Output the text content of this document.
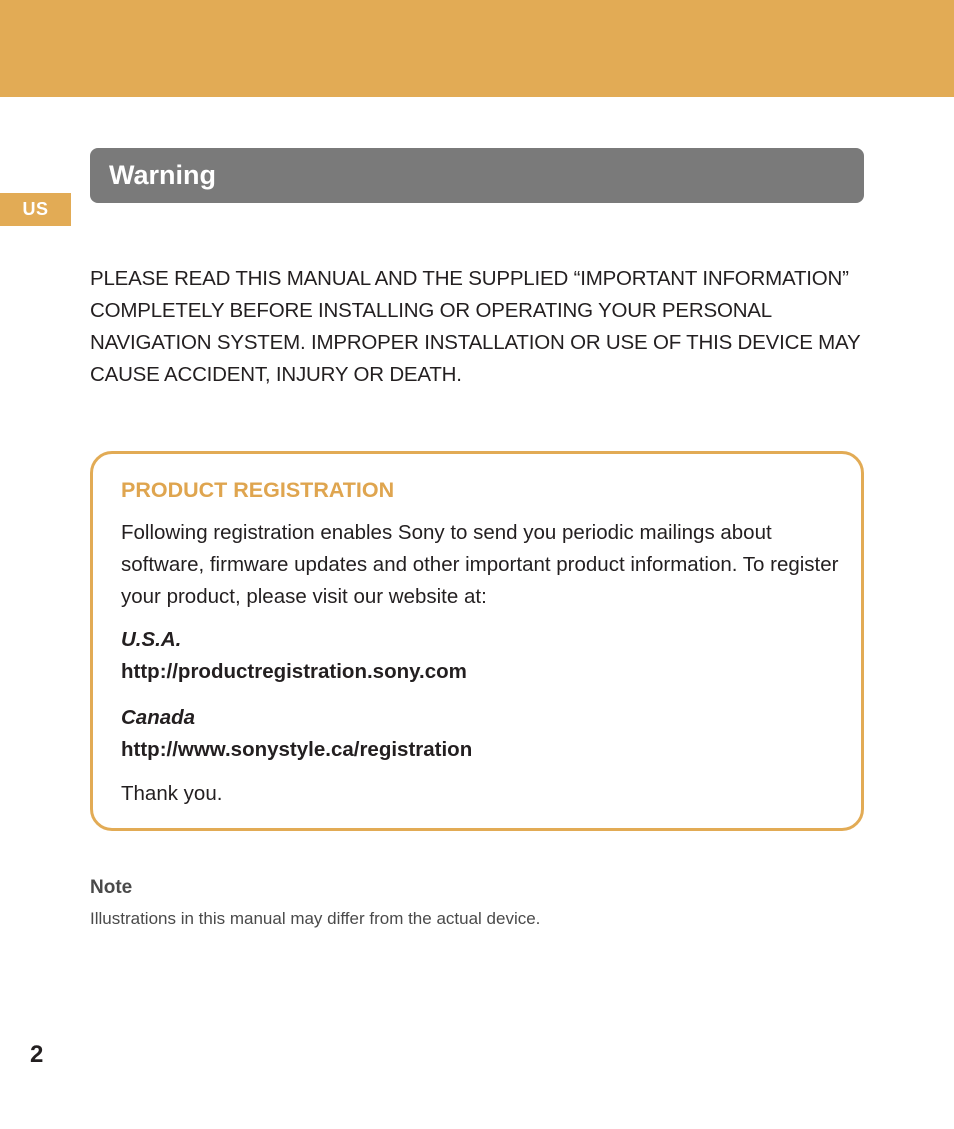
US
Warning

PLEASE READ THIS MANUAL AND THE SUPPLIED “IMPORTANT INFORMATION” COMPLETELY BEFORE INSTALLING OR OPERATING YOUR PERSONAL NAVIGATION SYSTEM. IMPROPER INSTALLATION OR USE OF THIS DEVICE MAY CAUSE ACCIDENT, INJURY OR DEATH.

PRODUCT REGISTRATION

Following registration enables Sony to send you periodic mailings about software, firmware updates and other important product information. To register your product, please visit our website at:

U.S.A.
http://productregistration.sony.com
Canada
http://www.sonystyle.ca/registration
Thank you.
Note
Illustrations in this manual may differ from the actual device.
2
